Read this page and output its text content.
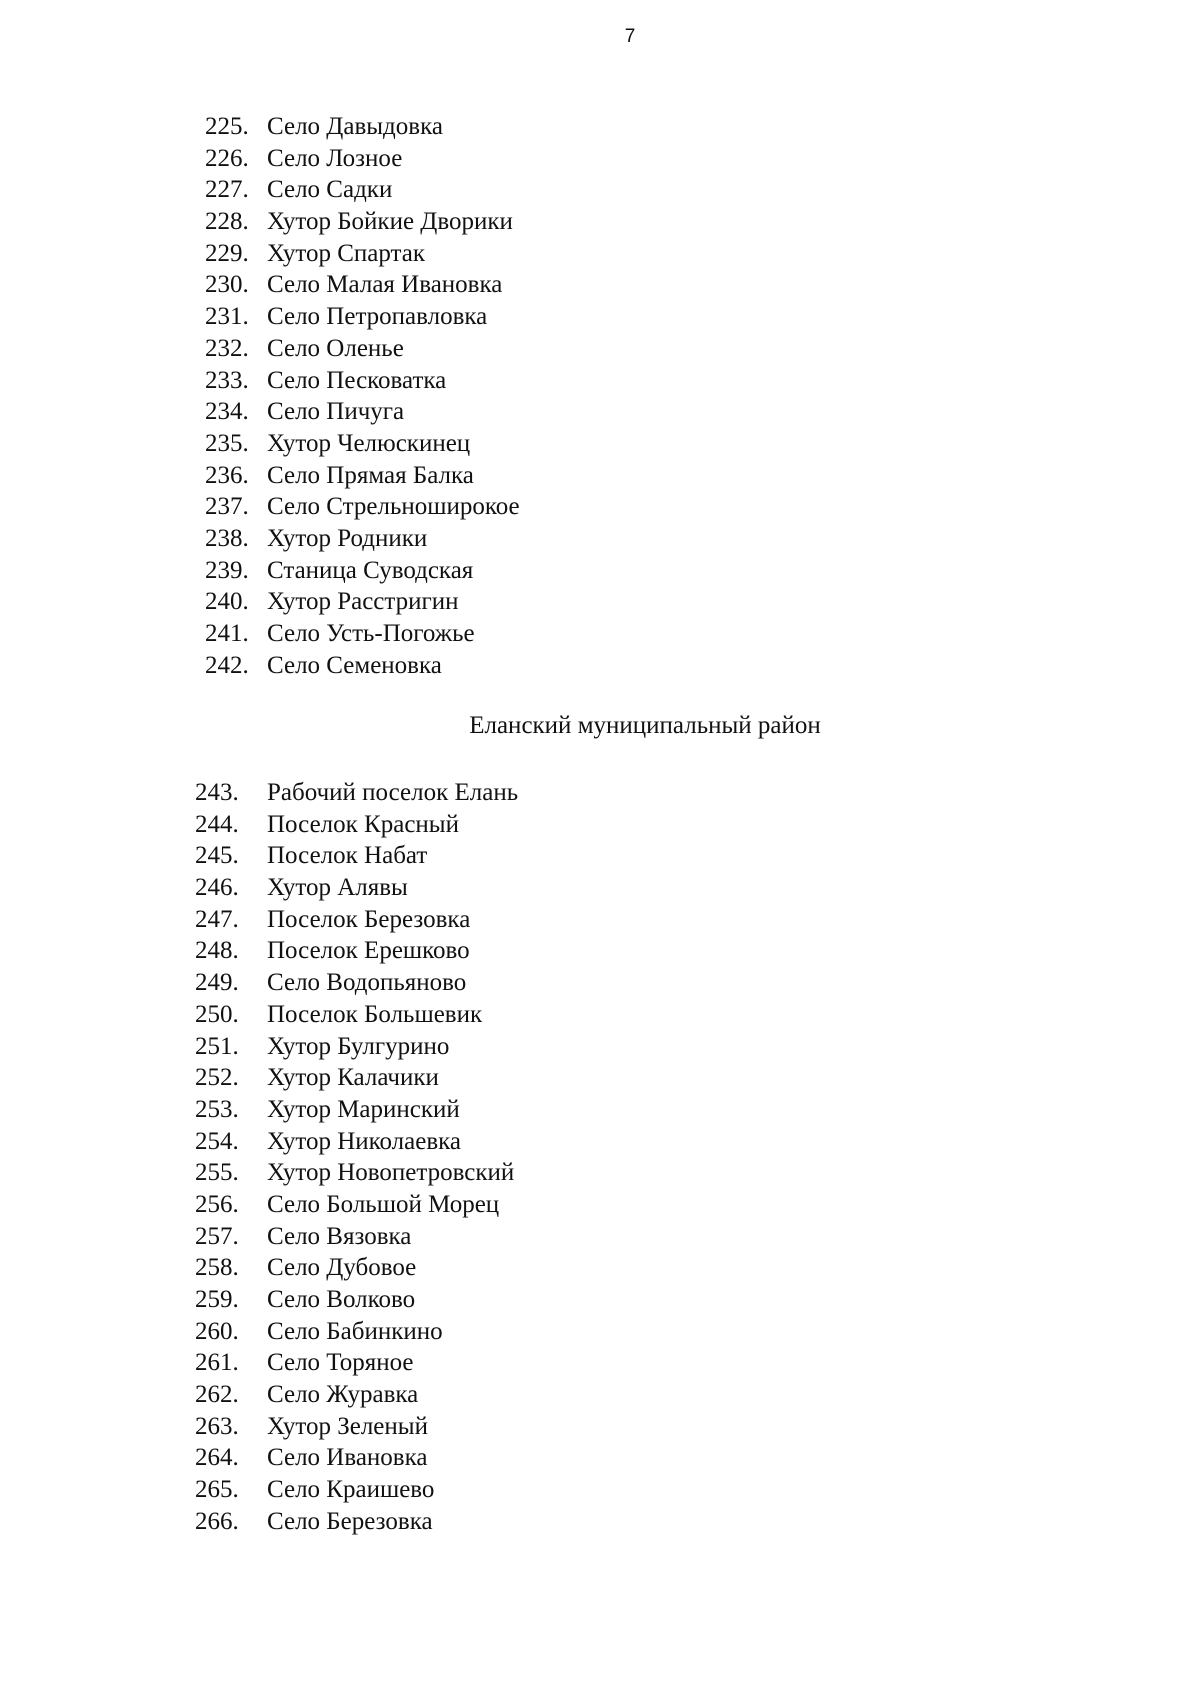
7
225. Село Давыдовка
226. Село Лозное
227. Село Садки
228. Хутор Бойкие Дворики
229. Хутор Спартак
230. Село Малая Ивановка
231. Село Петропавловка
232. Село Оленье
233. Село Песковатка
234. Село Пичуга
235. Хутор Челюскинец
236. Село Прямая Балка
237. Село Стрельноширокое
238. Хутор Родники
239. Станица Суводская
240. Хутор Расстригин
241. Село Усть-Погожье
242. Село Семеновка
Еланский муниципальный район
243.	Рабочий поселок Елань
244.	Поселок Красный
245.	Поселок Набат
246.	Хутор Алявы
247.	Поселок Березовка
248.	Поселок Ерешково
249.	Село Водопьяново
250.	Поселок Большевик
251.	Хутор Булгурино
252.	Хутор Калачики
253.	Хутор Маринский
254.	Хутор Николаевка
255.	Хутор Новопетровский
256.	Село Большой Морец
257.	Село Вязовка
258.	Село Дубовое
259.	Село Волково
260.	Село Бабинкино
261.	Село Торяное
262.	Село Журавка
263.	Хутор Зеленый
264.	Село Ивановка
265.	Село Краишево
266.	Село Березовка
